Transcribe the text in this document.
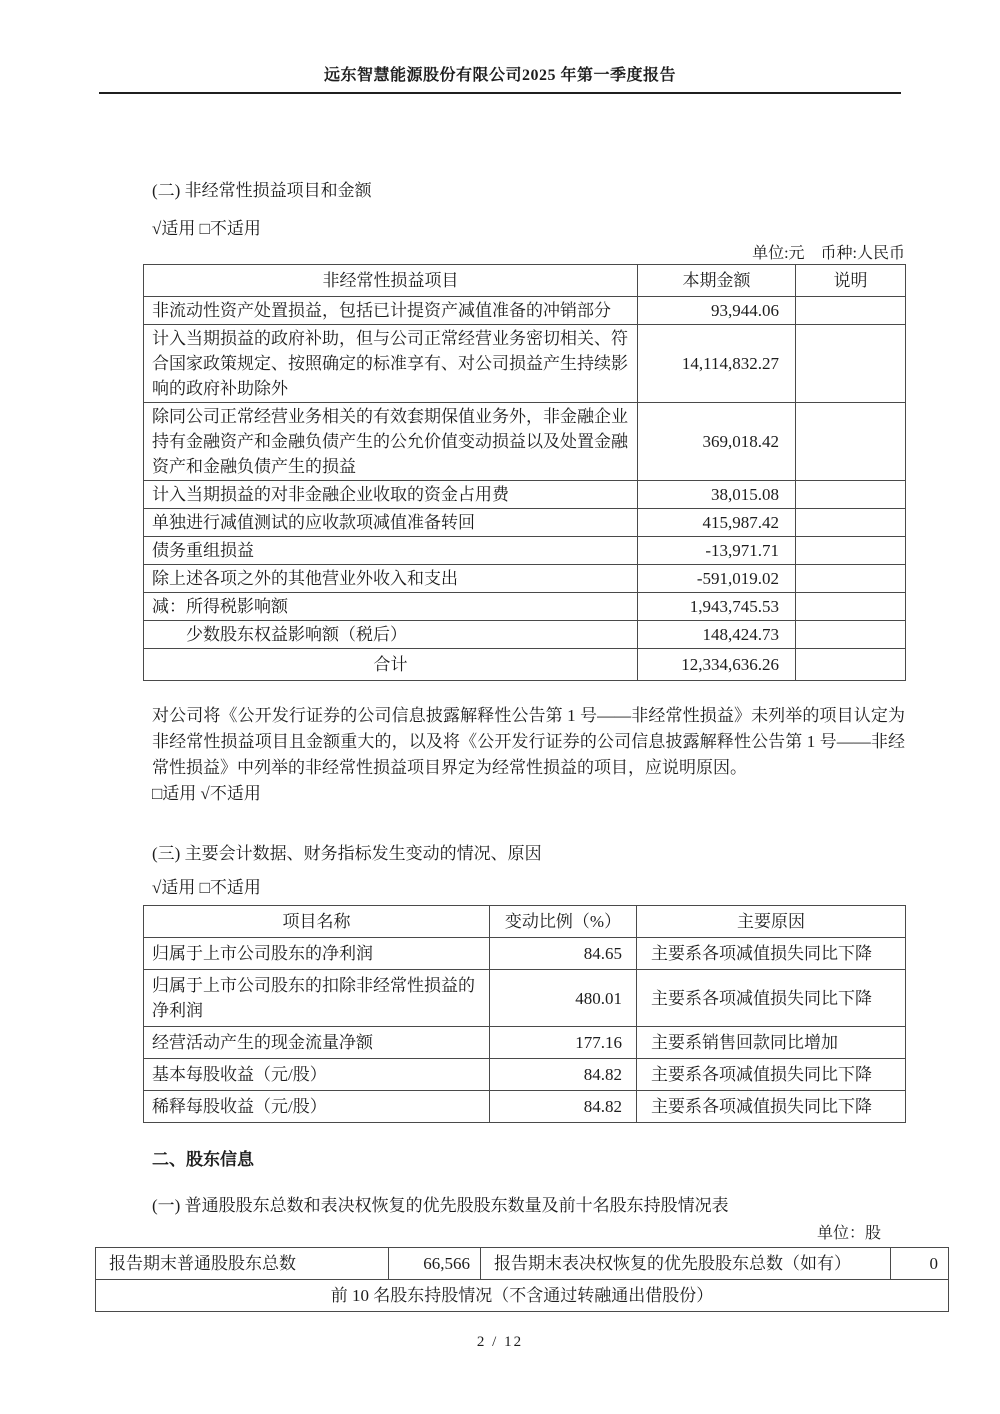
远东智慧能源股份有限公司2025 年第一季度报告
(二) 非经常性损益项目和金额
√适用 □不适用
单位:元　币种:人民币
非经常性损益项目	本期金额	说明
非流动性资产处置损益，包括已计提资产减值准备的冲销部分	93,944.06	
计入当期损益的政府补助，但与公司正常经营业务密切相关、符合国家政策规定、按照确定的标准享有、对公司损益产生持续影响的政府补助除外	14,114,832.27	
除同公司正常经营业务相关的有效套期保值业务外，非金融企业持有金融资产和金融负债产生的公允价值变动损益以及处置金融资产和金融负债产生的损益	369,018.42	
计入当期损益的对非金融企业收取的资金占用费	38,015.08	
单独进行减值测试的应收款项减值准备转回	415,987.42	
债务重组损益	-13,971.71	
除上述各项之外的其他营业外收入和支出	-591,019.02	
减：所得税影响额	1,943,745.53	
少数股东权益影响额（税后）	148,424.73	
合计	12,334,636.26	
对公司将《公开发行证券的公司信息披露解释性公告第 1 号——非经常性损益》未列举的项目认定为非经常性损益项目且金额重大的，以及将《公开发行证券的公司信息披露解释性公告第 1 号——非经常性损益》中列举的非经常性损益项目界定为经常性损益的项目，应说明原因。
□适用 √不适用
(三) 主要会计数据、财务指标发生变动的情况、原因
√适用 □不适用
项目名称	变动比例（%）	主要原因
归属于上市公司股东的净利润	84.65	主要系各项减值损失同比下降
归属于上市公司股东的扣除非经常性损益的净利润	480.01	主要系各项减值损失同比下降
经营活动产生的现金流量净额	177.16	主要系销售回款同比增加
基本每股收益（元/股）	84.82	主要系各项减值损失同比下降
稀释每股收益（元/股）	84.82	主要系各项减值损失同比下降
二、股东信息
(一) 普通股股东总数和表决权恢复的优先股股东数量及前十名股东持股情况表
单位：股
报告期末普通股股东总数	66,566	报告期末表决权恢复的优先股股东总数（如有）	0
前 10 名股东持股情况（不含通过转融通出借股份）
2 / 12
